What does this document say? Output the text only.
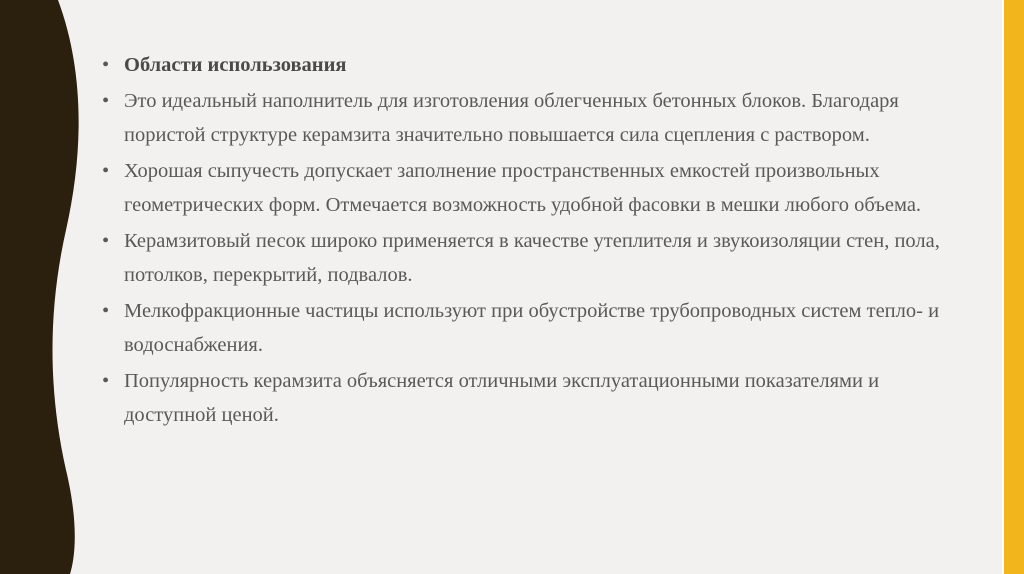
• Области использования
• Это идеальный наполнитель для изготовления облегченных бетонных блоков. Благодаря пористой структуре керамзита значительно повышается сила сцепления с раствором.
• Хорошая сыпучесть допускает заполнение пространственных емкостей произвольных геометрических форм. Отмечается возможность удобной фасовки в мешки любого объема.
• Керамзитовый песок широко применяется в качестве утеплителя и звукоизоляции стен, пола, потолков, перекрытий, подвалов.
• Мелкофракционные частицы используют при обустройстве трубопроводных систем тепло- и водоснабжения.
• Популярность керамзита объясняется отличными эксплуатационными показателями и доступной ценой.
